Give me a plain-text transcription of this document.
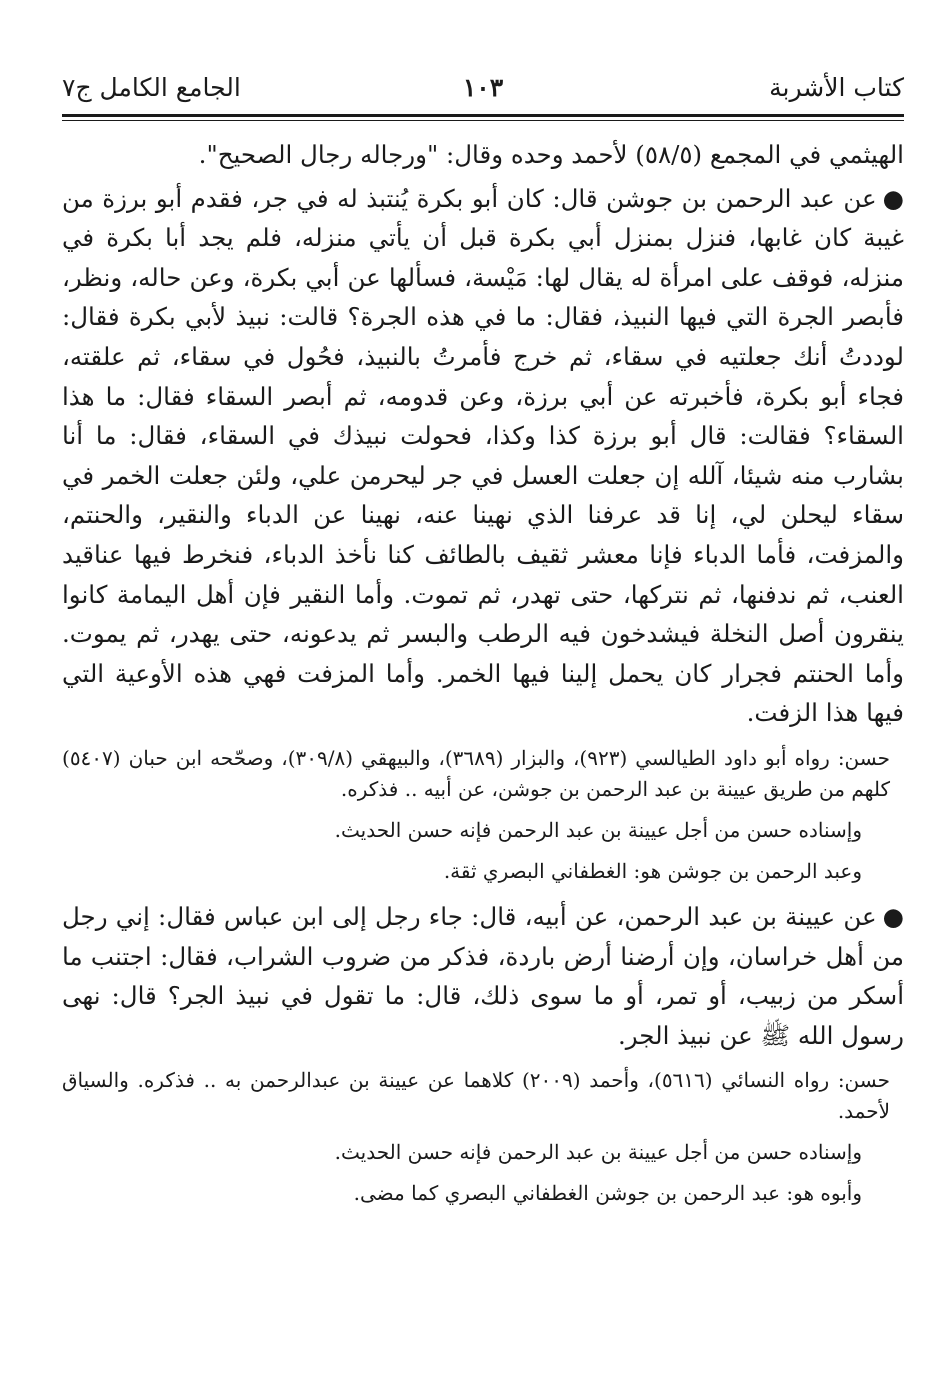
كتاب الأشربة
١٠٣
الجامع الكامل ج٧

الهيثمي في المجمع (٥٨/٥) لأحمد وحده وقال: "ورجاله رجال الصحيح".

●عن عبد الرحمن بن جوشن قال: كان أبو بكرة يُنتبذ له في جر، فقدم أبو برزة من غيبة كان غابها، فنزل بمنزل أبي بكرة قبل أن يأتي منزله، فلم يجد أبا بكرة في منزله، فوقف على امرأة له يقال لها: مَيْسة، فسألها عن أبي بكرة، وعن حاله، ونظر، فأبصر الجرة التي فيها النبيذ، فقال: ما في هذه الجرة؟ قالت: نبيذ لأبي بكرة فقال: لوددتُ أنك جعلتيه في سقاء، ثم خرج فأمرتُ بالنبيذ، فحُول في سقاء، ثم علقته، فجاء أبو بكرة، فأخبرته عن أبي برزة، وعن قدومه، ثم أبصر السقاء فقال: ما هذا السقاء؟ فقالت: قال أبو برزة كذا وكذا، فحولت نبيذك في السقاء، فقال: ما أنا بشارب منه شيئا، آلله إن جعلت العسل في جر ليحرمن علي، ولئن جعلت الخمر في سقاء ليحلن لي، إنا قد عرفنا الذي نهينا عنه، نهينا عن الدباء والنقير، والحنتم، والمزفت، فأما الدباء فإنا معشر ثقيف بالطائف كنا نأخذ الدباء، فنخرط فيها عناقيد العنب، ثم ندفنها، ثم نتركها، حتى تهدر، ثم تموت. وأما النقير فإن أهل اليمامة كانوا ينقرون أصل النخلة فيشدخون فيه الرطب والبسر ثم يدعونه، حتى يهدر، ثم يموت. وأما الحنتم فجرار كان يحمل إلينا فيها الخمر. وأما المزفت فهي هذه الأوعية التي فيها هذا الزفت.

حسن: رواه أبو داود الطيالسي (٩٢٣)، والبزار (٣٦٨٩)، والبيهقي (٣٠٩/٨)، وصحّحه ابن حبان (٥٤٠٧) كلهم من طريق عيينة بن عبد الرحمن بن جوشن، عن أبيه .. فذكره.

وإسناده حسن من أجل عيينة بن عبد الرحمن فإنه حسن الحديث.

وعبد الرحمن بن جوشن هو: الغطفاني البصري ثقة.

●عن عيينة بن عبد الرحمن، عن أبيه، قال: جاء رجل إلى ابن عباس فقال: إني رجل من أهل خراسان، وإن أرضنا أرض باردة، فذكر من ضروب الشراب، فقال: اجتنب ما أسكر من زبيب، أو تمر، أو ما سوى ذلك، قال: ما تقول في نبيذ الجر؟ قال: نهى رسول الله ﷺ عن نبيذ الجر.

حسن: رواه النسائي (٥٦١٦)، وأحمد (٢٠٠٩) كلاهما عن عيينة بن عبدالرحمن به .. فذكره. والسياق لأحمد.

وإسناده حسن من أجل عيينة بن عبد الرحمن فإنه حسن الحديث.

وأبوه هو: عبد الرحمن بن جوشن الغطفاني البصري كما مضى.
